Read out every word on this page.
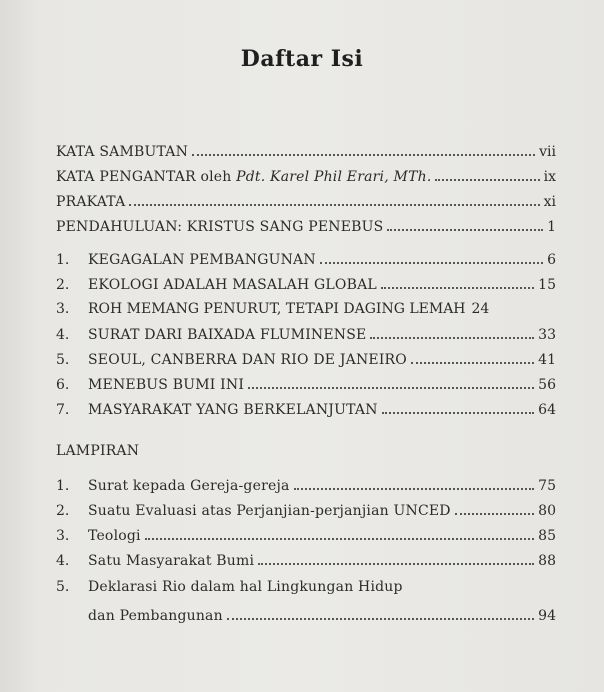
Daftar Isi
KATA SAMBUTAN	vii
KATA PENGANTAR oleh Pdt. Karel Phil Erari, MTh.	ix
PRAKATA	xi
PENDAHULUAN: KRISTUS SANG PENEBUS	1
1.	KEGAGALAN PEMBANGUNAN	6
2.	EKOLOGI ADALAH MASALAH GLOBAL	15
3.	ROH MEMANG PENURUT, TETAPI DAGING LEMAH 24
4.	SURAT DARI BAIXADA FLUMINENSE	33
5.	SEOUL, CANBERRA DAN RIO DE JANEIRO	41
6.	MENEBUS BUMI INI	56
7.	MASYARAKAT YANG BERKELANJUTAN	64
LAMPIRAN
1.	Surat kepada Gereja-gereja	75
2.	Suatu Evaluasi atas Perjanjian-perjanjian UNCED	80
3.	Teologi	85
4.	Satu Masyarakat Bumi	88
5.	Deklarasi Rio dalam hal Lingkungan Hidup
dan Pembangunan	94
